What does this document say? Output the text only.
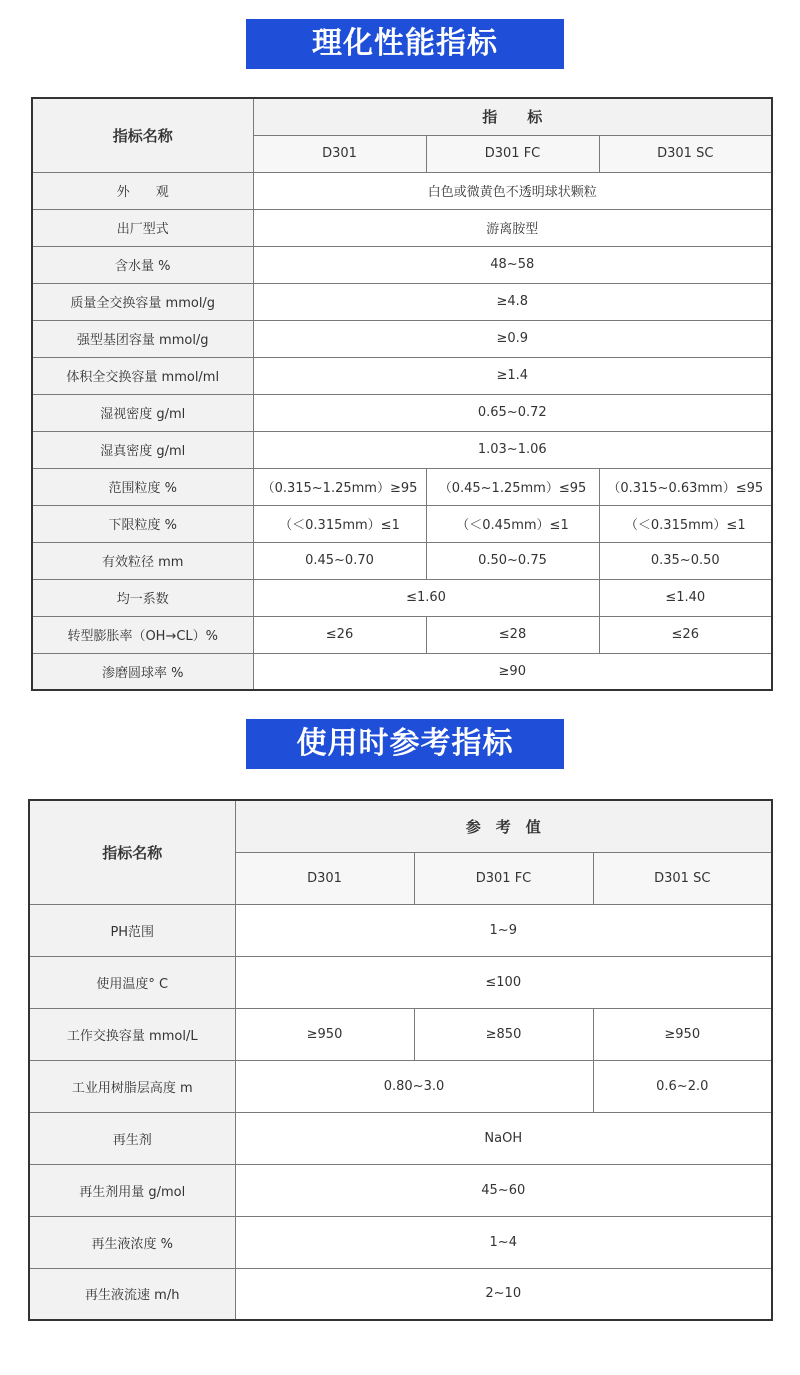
理化性能指标
指标名称	指　　标		
	D301	D301 FC	D301 SC
外　　观	白色或微黄色不透明球状颗粒		
出厂型式	游离胺型		
含水量 %	48~58		
质量全交换容量 mmol/g	≥4.8		
强型基团容量 mmol/g	≥0.9		
体积全交换容量 mmol/ml	≥1.4		
湿视密度 g/ml	0.65~0.72		
湿真密度 g/ml	1.03~1.06		
范围粒度 %	（0.315~1.25mm）≥95	（0.45~1.25mm）≤95	（0.315~0.63mm）≤95
下限粒度 %	（＜0.315mm）≤1	（＜0.45mm）≤1	（＜0.315mm）≤1
有效粒径 mm	0.45~0.70	0.50~0.75	0.35~0.50
均一系数	≤1.60		≤1.40
转型膨胀率（OH→CL）%	≤26	≤28	≤26
渗磨圆球率 %	≥90		
使用时参考指标
指标名称	参　考　值		
	D301	D301 FC	D301 SC
PH范围	1~9		
使用温度° C	≤100		
工作交换容量 mmol/L	≥950	≥850	≥950
工业用树脂层高度 m	0.80~3.0		0.6~2.0
再生剂	NaOH		
再生剂用量 g/mol	45~60		
再生液浓度 %	1~4		
再生液流速 m/h	2~10		
